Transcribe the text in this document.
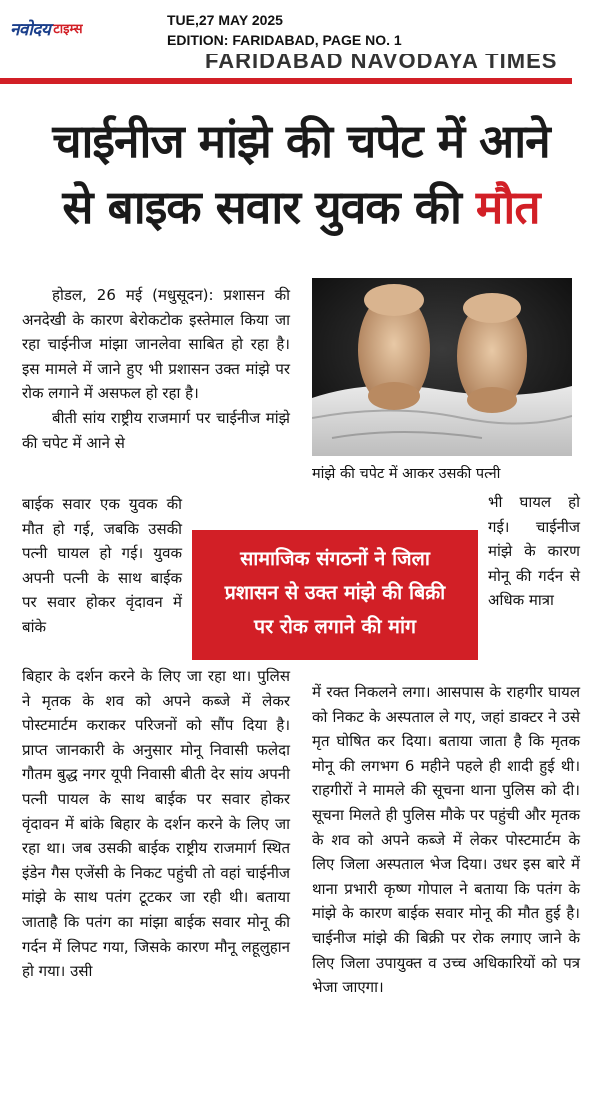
नवोदय टाइम्स
TUE,27 MAY 2025
EDITION: FARIDABAD, PAGE NO. 1
FARIDABAD NAVODAYA TIMES
चाईनीज मांझे की चपेट में आने
से बाइक सवार युवक की मौत

होडल, 26 मई (मधुसूदन): प्रशासन की अनदेखी के कारण बेरोकटोक इस्तेमाल किया जा रहा चाईनीज मांझा जानलेवा साबित हो रहा है। इस मामले में जाने हुए भी प्रशासन उक्त मांझे पर रोक लगाने में असफल हो रहा है।

बीती सांय राष्ट्रीय राजमार्ग पर चाईनीज मांझे की चपेट में आने से

बाईक सवार एक युवक की मौत हो गई, जबकि उसकी पत्नी घायल हो गई। युवक अपनी पत्नी के साथ बाईक पर सवार होकर वृंदावन में बांके
बिहार के दर्शन करने के लिए जा रहा था। पुलिस ने मृतक के शव को अपने कब्जे में लेकर पोस्टमार्टम कराकर परिजनों को सौंप दिया है। प्राप्त जानकारी के अनुसार मोनू निवासी फलेदा गौतम बुद्ध नगर यूपी निवासी बीती देर सांय अपनी पत्नी पायल के साथ बाईक पर सवार होकर वृंदावन में बांके बिहार के दर्शन करने के लिए जा रहा था। जब उसकी बाईक राष्ट्रीय राजमार्ग स्थित इंडेन गैस एजेंसी के निकट पहुंची तो वहां चाईनीज मांझे के साथ पतंग टूटकर जा रही थी। बताया जाताहै कि पतंग का मांझा बाईक सवार मोनू की गर्दन में लिपट गया, जिसके कारण मौनू लहूलुहान हो गया। उसी
मांझे की चपेट में आकर उसकी पत्नी
भी घायल हो गई। चाईनीज मांझे के कारण मोनू की गर्दन से अधिक मात्रा
सामाजिक संगठनों ने जिला
प्रशासन से उक्त मांझे की बिक्री
पर रोक लगाने की मांग
में रक्त निकलने लगा। आसपास के राहगीर घायल को निकट के अस्पताल ले गए, जहां डाक्टर ने उसे मृत घोषित कर दिया। बताया जाता है कि मृतक मोनू की लगभग 6 महीने पहले ही शादी हुई थी। राहगीरों ने मामले की सूचना थाना पुलिस को दी। सूचना मिलते ही पुलिस मौके पर पहुंची और मृतक के शव को अपने कब्जे में लेकर पोस्टमार्टम के लिए जिला अस्पताल भेज दिया। उधर इस बारे में थाना प्रभारी कृष्ण गोपाल ने बताया कि पतंग के मांझे के कारण बाईक सवार मोनू की मौत हुई है। चाईनीज मांझे की बिक्री पर रोक लगाए जाने के लिए जिला उपायुक्त व उच्च अधिकारियों को पत्र भेजा जाएगा।
